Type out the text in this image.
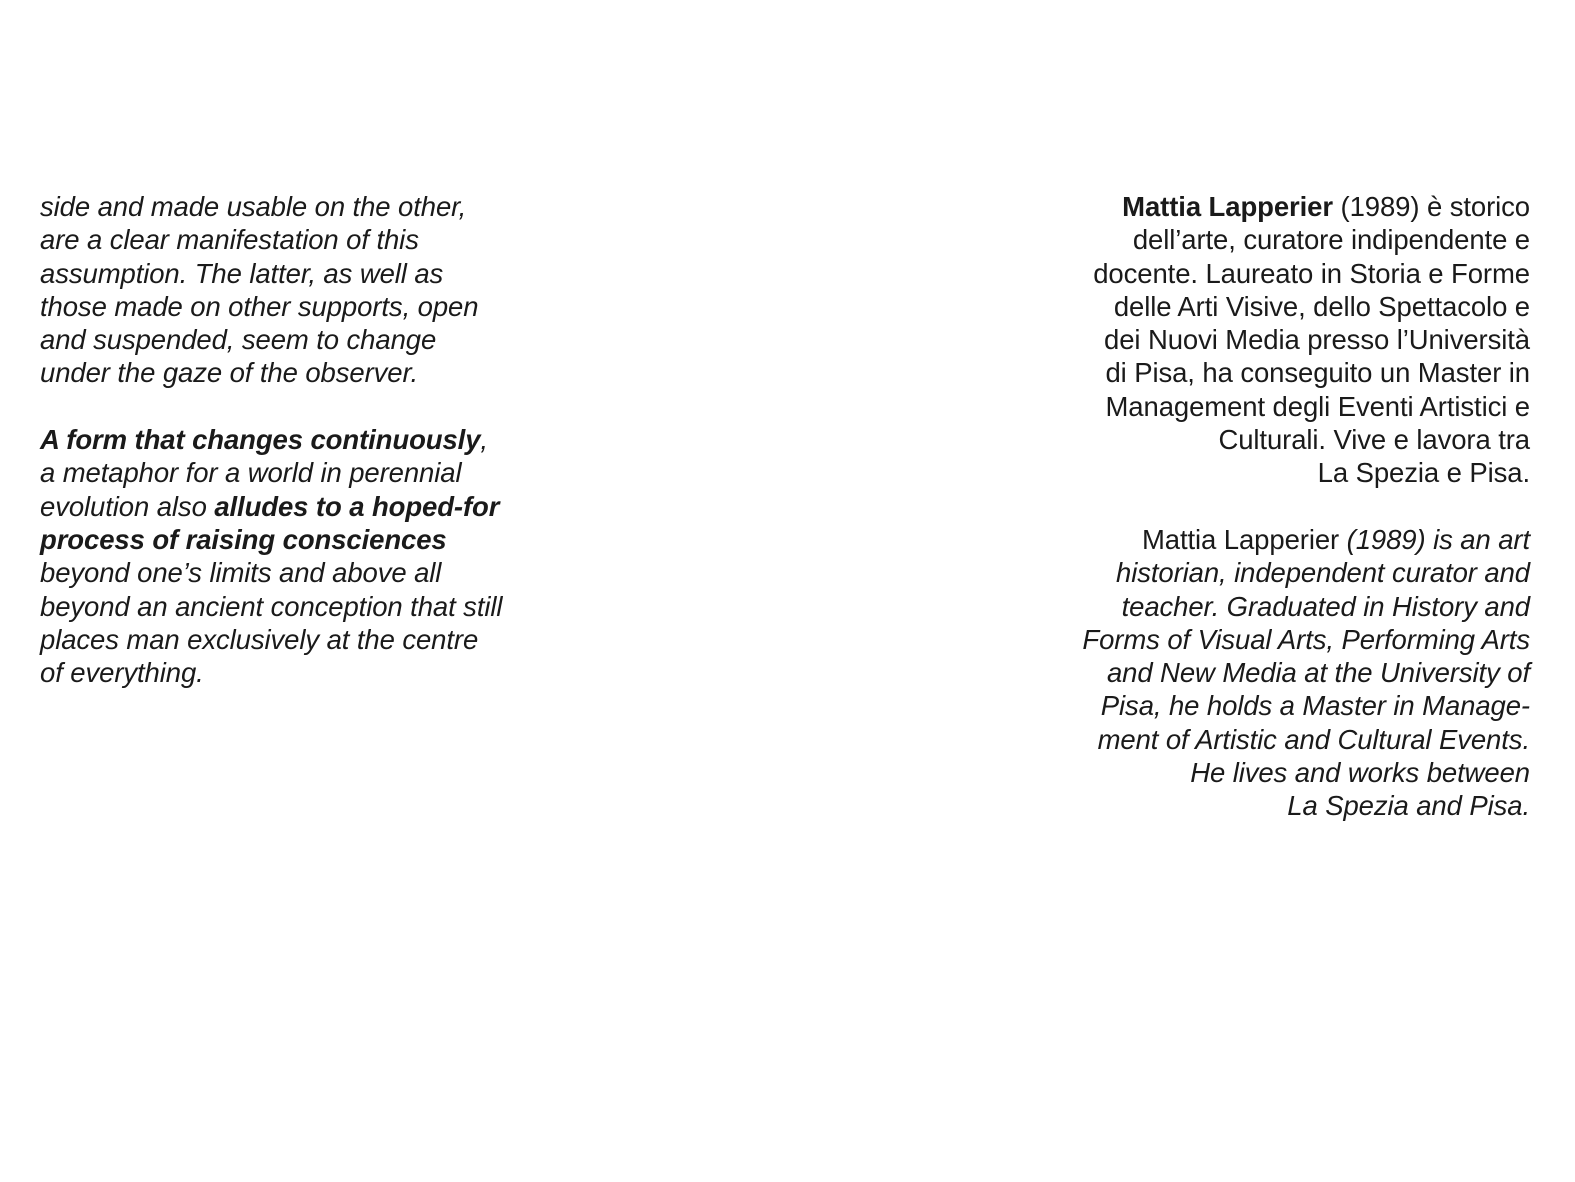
side and made usable on the other,
are a clear manifestation of this
assumption. The latter, as well as
those made on other supports, open
and suspended, seem to change
under the gaze of the observer.
A form that changes continuously,
a metaphor for a world in perennial
evolution also alludes to a hoped-for
process of raising consciences
beyond one’s limits and above all
beyond an ancient conception that still
places man exclusively at the centre
of everything.
Mattia Lapperier (1989) è storico
dell’arte, curatore indipendente e
docente. Laureato in Storia e Forme
delle Arti Visive, dello Spettacolo e
dei Nuovi Media presso l’Università
di Pisa, ha conseguito un Master in
Management degli Eventi Artistici e
Culturali. Vive e lavora tra
La Spezia e Pisa.
Mattia Lapperier (1989) is an art
historian, independent curator and
teacher. Graduated in History and
Forms of Visual Arts, Performing Arts
and New Media at the University of
Pisa, he holds a Master in Manage-
ment of Artistic and Cultural Events.
He lives and works between
La Spezia and Pisa.
